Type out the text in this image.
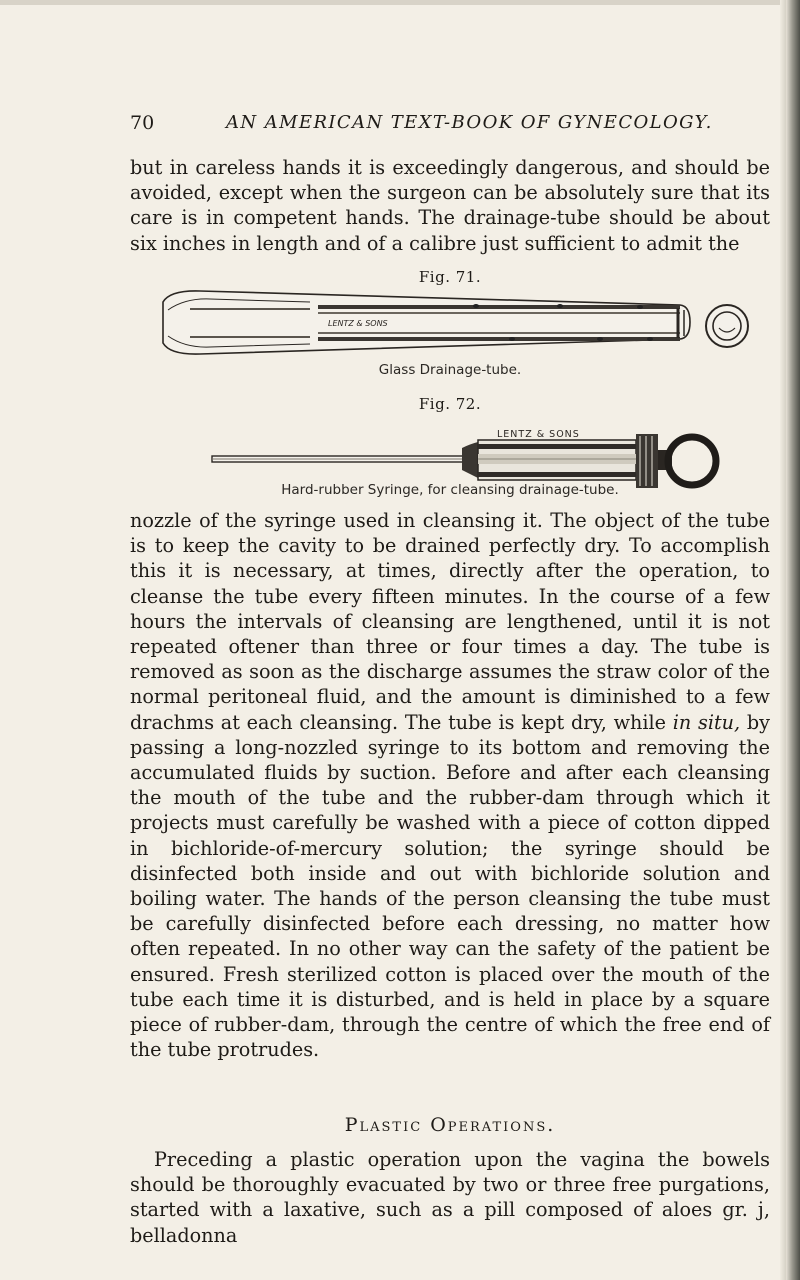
70	AN AMERICAN TEXT-BOOK OF GYNECOLOGY.

but in careless hands it is exceedingly dangerous, and should be avoided, except when the surgeon can be absolutely sure that its care is in competent hands. The drainage-tube should be about six inches in length and of a calibre just sufficient to admit the

Fig. 71.
LENTZ & SONS
LENTZ & SONS
Glass Drainage-tube.
Fig. 72.
Hard-rubber Syringe, for cleansing drainage-tube.

nozzle of the syringe used in cleansing it. The object of the tube is to keep the cavity to be drained perfectly dry. To accomplish this it is necessary, at times, directly after the operation, to cleanse the tube every fifteen minutes. In the course of a few hours the intervals of cleansing are lengthened, until it is not repeated oftener than three or four times a day. The tube is removed as soon as the discharge assumes the straw color of the normal peritoneal fluid, and the amount is diminished to a few drachms at each cleansing. The tube is kept dry, while in situ, by passing a long-nozzled syringe to its bottom and removing the accumulated fluids by suction. Before and after each cleansing the mouth of the tube and the rubber-dam through which it projects must carefully be washed with a piece of cotton dipped in bichloride-of-mercury solution; the syringe should be disinfected both inside and out with bichloride solution and boiling water. The hands of the person cleansing the tube must be carefully disinfected before each dressing, no matter how often repeated. In no other way can the safety of the patient be ensured. Fresh sterilized cotton is placed over the mouth of the tube each time it is disturbed, and is held in place by a square piece of rubber-dam, through the centre of which the free end of the tube protrudes.

Plastic Operations.

Preceding a plastic operation upon the vagina the bowels should be thoroughly evacuated by two or three free purgations, started with a laxative, such as a pill composed of aloes gr. j, belladonna
